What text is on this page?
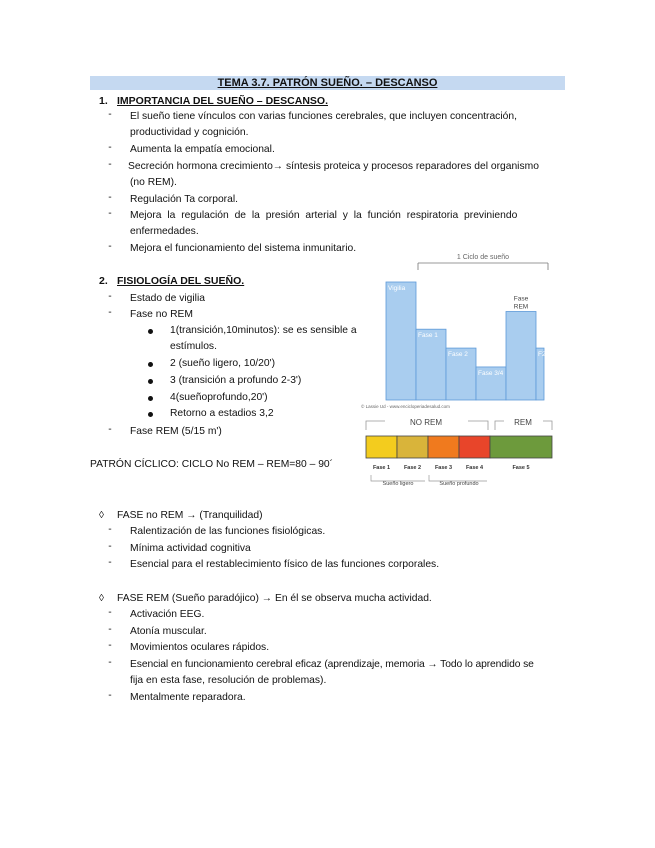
TEMA 3.7. PATRÓN SUEÑO. – DESCANSO
1. IMPORTANCIA DEL SUEÑO – DESCANSO.
-	El sueño tiene vínculos con varias funciones cerebrales, que incluyen concentración,
productividad y cognición.
-	Aumenta la empatía emocional.
-	Secreción hormona crecimiento→ síntesis proteica y procesos reparadores del organismo
(no REM).
-	Regulación Ta corporal.
-	Mejora la regulación de la presión arterial y la función respiratoria previniendo
enfermedades.
-	Mejora el funcionamiento del sistema inmunitario.
2. FISIOLOGÍA DEL SUEÑO.
-	Estado de vigilia
-	Fase no REM
1(transición,10minutos): se es sensible a
estímulos.
2 (sueño ligero, 10/20')
3 (transición a profundo 2-3')
4(sueñoprofundo,20')
Retorno a estadios 3,2
-	Fase REM (5/15 m')
PATRÓN CÍCLICO: CICLO No REM – REM=80 – 90´
1 Ciclo de sueño
Vigilia
Fase 1
Fase 2
Fase 3/4
Fase
REM
F2
F2
© Lassie Ud - www.encicloperiadesalud.com
NO REM	REM
Fase 1	Fase 2	Fase 3	Fase 4	Fase 5
Sueño ligero	Sueño profundo
◊ FASE no REM → (Tranquilidad)
-	Ralentización de las funciones fisiológicas.
-	Mínima actividad cognitiva
-	Esencial para el restablecimiento físico de las funciones corporales.
◊ FASE REM (Sueño paradójico) → En él se observa mucha actividad.
-	Activación EEG.
-	Atonía muscular.
-	Movimientos oculares rápidos.
-	Esencial en funcionamiento cerebral eficaz (aprendizaje, memoria → Todo lo aprendido se
fija en esta fase, resolución de problemas).
-	Mentalmente reparadora.
